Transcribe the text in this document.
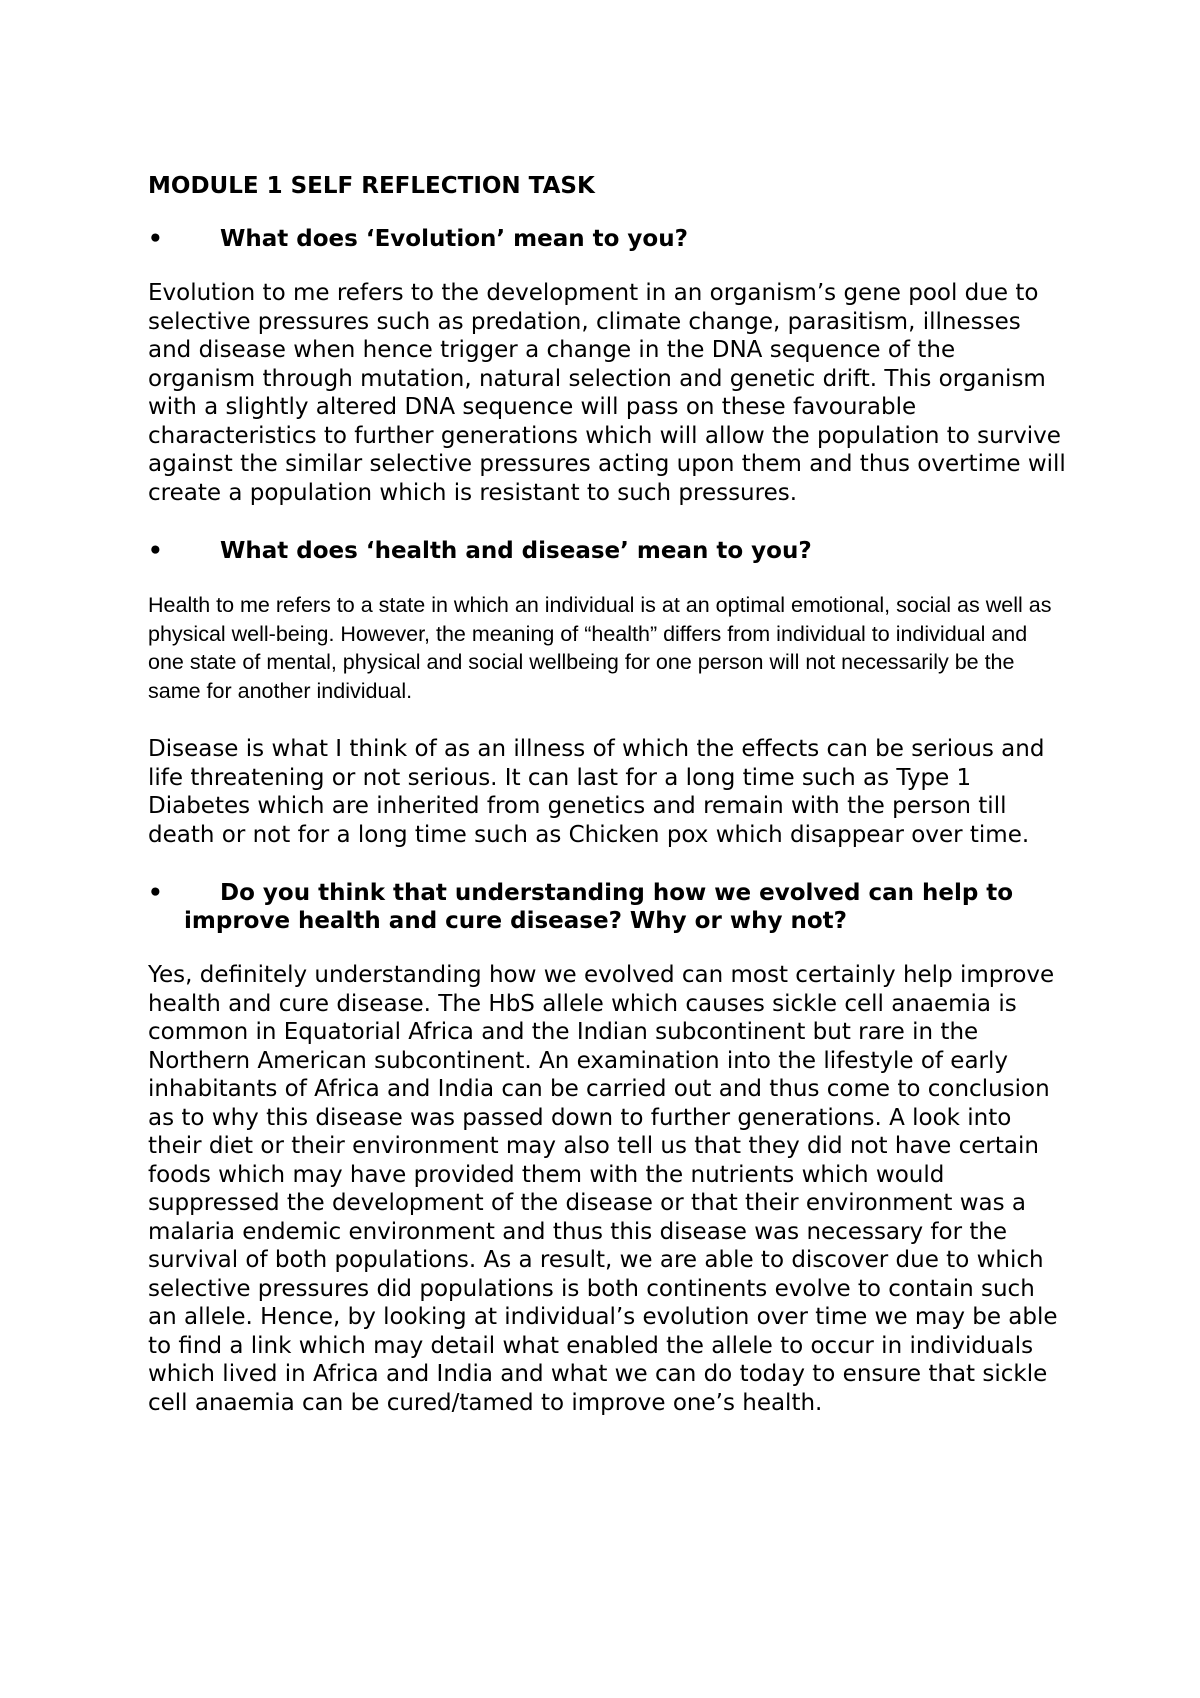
MODULE 1 SELF REFLECTION TASK
• What does ‘Evolution’ mean to you?

Evolution to me refers to the development in an organism’s gene pool due to selective pressures such as predation, climate change, parasitism, illnesses and disease when hence trigger a change in the DNA sequence of the organism through mutation, natural selection and genetic drift. This organism with a slightly altered DNA sequence will pass on these favourable characteristics to further generations which will allow the population to survive against the similar selective pressures acting upon them and thus overtime will create a population which is resistant to such pressures.

• What does ‘health and disease’ mean to you?

Health to me refers to a state in which an individual is at an optimal emotional, social as well as physical well-being. However, the meaning of “health” differs from individual to individual and one state of mental, physical and social wellbeing for one person will not necessarily be the same for another individual.

Disease is what I think of as an illness of which the effects can be serious and life threatening or not serious. It can last for a long time such as Type 1 Diabetes which are inherited from genetics and remain with the person till death or not for a long time such as Chicken pox which disappear over time.

• Do you think that understanding how we evolved can help to improve health and cure disease? Why or why not?

Yes, definitely understanding how we evolved can most certainly help improve health and cure disease. The HbS allele which causes sickle cell anaemia is common in Equatorial Africa and the Indian subcontinent but rare in the Northern American subcontinent. An examination into the lifestyle of early inhabitants of Africa and India can be carried out and thus come to conclusion as to why this disease was passed down to further generations. A look into their diet or their environment may also tell us that they did not have certain foods which may have provided them with the nutrients which would suppressed the development of the disease or that their environment was a malaria endemic environment and thus this disease was necessary for the survival of both populations. As a result, we are able to discover due to which selective pressures did populations is both continents evolve to contain such an allele. Hence, by looking at individual’s evolution over time we may be able to find a link which may detail what enabled the allele to occur in individuals which lived in Africa and India and what we can do today to ensure that sickle cell anaemia can be cured/tamed to improve one’s health.
